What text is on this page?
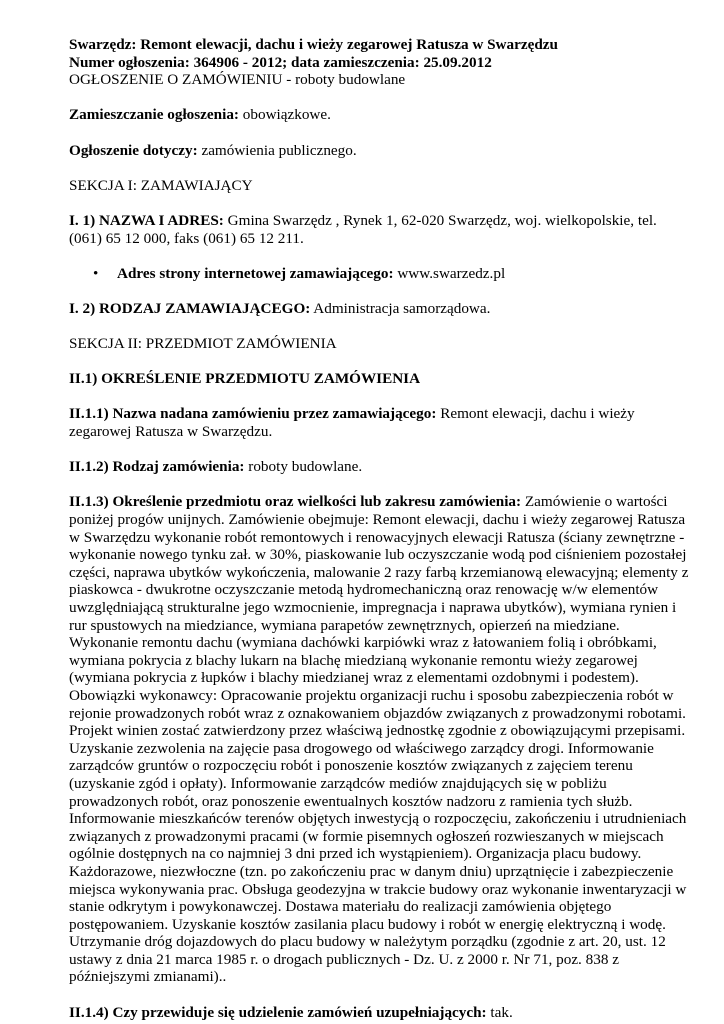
Swarzędz: Remont elewacji, dachu i wieży zegarowej Ratusza w Swarzędzu
Numer ogłoszenia: 364906 - 2012; data zamieszczenia: 25.09.2012
OGŁOSZENIE O ZAMÓWIENIU - roboty budowlane

Zamieszczanie ogłoszenia: obowiązkowe.

Ogłoszenie dotyczy: zamówienia publicznego.

SEKCJA I: ZAMAWIAJĄCY

I. 1) NAZWA I ADRES: Gmina Swarzędz , Rynek 1, 62-020 Swarzędz, woj. wielkopolskie, tel. (061) 65 12 000, faks (061) 65 12 211.

• Adres strony internetowej zamawiającego: www.swarzedz.pl

I. 2) RODZAJ ZAMAWIAJĄCEGO: Administracja samorządowa.

SEKCJA II: PRZEDMIOT ZAMÓWIENIA

II.1) OKREŚLENIE PRZEDMIOTU ZAMÓWIENIA

II.1.1) Nazwa nadana zamówieniu przez zamawiającego: Remont elewacji, dachu i wieży zegarowej Ratusza w Swarzędzu.

II.1.2) Rodzaj zamówienia: roboty budowlane.

II.1.3) Określenie przedmiotu oraz wielkości lub zakresu zamówienia: Zamówienie o wartości poniżej progów unijnych. Zamówienie obejmuje: Remont elewacji, dachu i wieży zegarowej Ratusza w Swarzędzu wykonanie robót remontowych i renowacyjnych elewacji Ratusza (ściany zewnętrzne - wykonanie nowego tynku zał. w 30%, piaskowanie lub oczyszczanie wodą pod ciśnieniem pozostałej części, naprawa ubytków wykończenia, malowanie 2 razy farbą krzemianową elewacyjną; elementy z piaskowca - dwukrotne oczyszczanie metodą hydromechaniczną oraz renowację w/w elementów uwzględniającą strukturalne jego wzmocnienie, impregnacja i naprawa ubytków), wymiana rynien i rur spustowych na miedziance, wymiana parapetów zewnętrznych, opierzeń na miedziane. Wykonanie remontu dachu (wymiana dachówki karpiówki wraz z łatowaniem folią i obróbkami, wymiana pokrycia z blachy lukarn na blachę miedzianą wykonanie remontu wieży zegarowej (wymiana pokrycia z łupków i blachy miedzianej wraz z elementami ozdobnymi i podestem). Obowiązki wykonawcy: Opracowanie projektu organizacji ruchu i sposobu zabezpieczenia robót w rejonie prowadzonych robót wraz z oznakowaniem objazdów związanych z prowadzonymi robotami. Projekt winien zostać zatwierdzony przez właściwą jednostkę zgodnie z obowiązującymi przepisami. Uzyskanie zezwolenia na zajęcie pasa drogowego od właściwego zarządcy drogi. Informowanie zarządców gruntów o rozpoczęciu robót i ponoszenie kosztów związanych z zajęciem terenu (uzyskanie zgód i opłaty). Informowanie zarządców mediów znajdujących się w pobliżu prowadzonych robót, oraz ponoszenie ewentualnych kosztów nadzoru z ramienia tych służb. Informowanie mieszkańców terenów objętych inwestycją o rozpoczęciu, zakończeniu i utrudnieniach związanych z prowadzonymi pracami (w formie pisemnych ogłoszeń rozwieszanych w miejscach ogólnie dostępnych na co najmniej 3 dni przed ich wystąpieniem). Organizacja placu budowy. Każdorazowe, niezwłoczne (tzn. po zakończeniu prac w danym dniu) uprzątnięcie i zabezpieczenie miejsca wykonywania prac. Obsługa geodezyjna w trakcie budowy oraz wykonanie inwentaryzacji w stanie odkrytym i powykonawczej. Dostawa materiału do realizacji zamówienia objętego postępowaniem. Uzyskanie kosztów zasilania placu budowy i robót w energię elektryczną i wodę. Utrzymanie dróg dojazdowych do placu budowy w należytym porządku (zgodnie z art. 20, ust. 12 ustawy z dnia 21 marca 1985 r. o drogach publicznych - Dz. U. z 2000 r. Nr 71, poz. 838 z późniejszymi zmianami)..

II.1.4) Czy przewiduje się udzielenie zamówień uzupełniających: tak.
